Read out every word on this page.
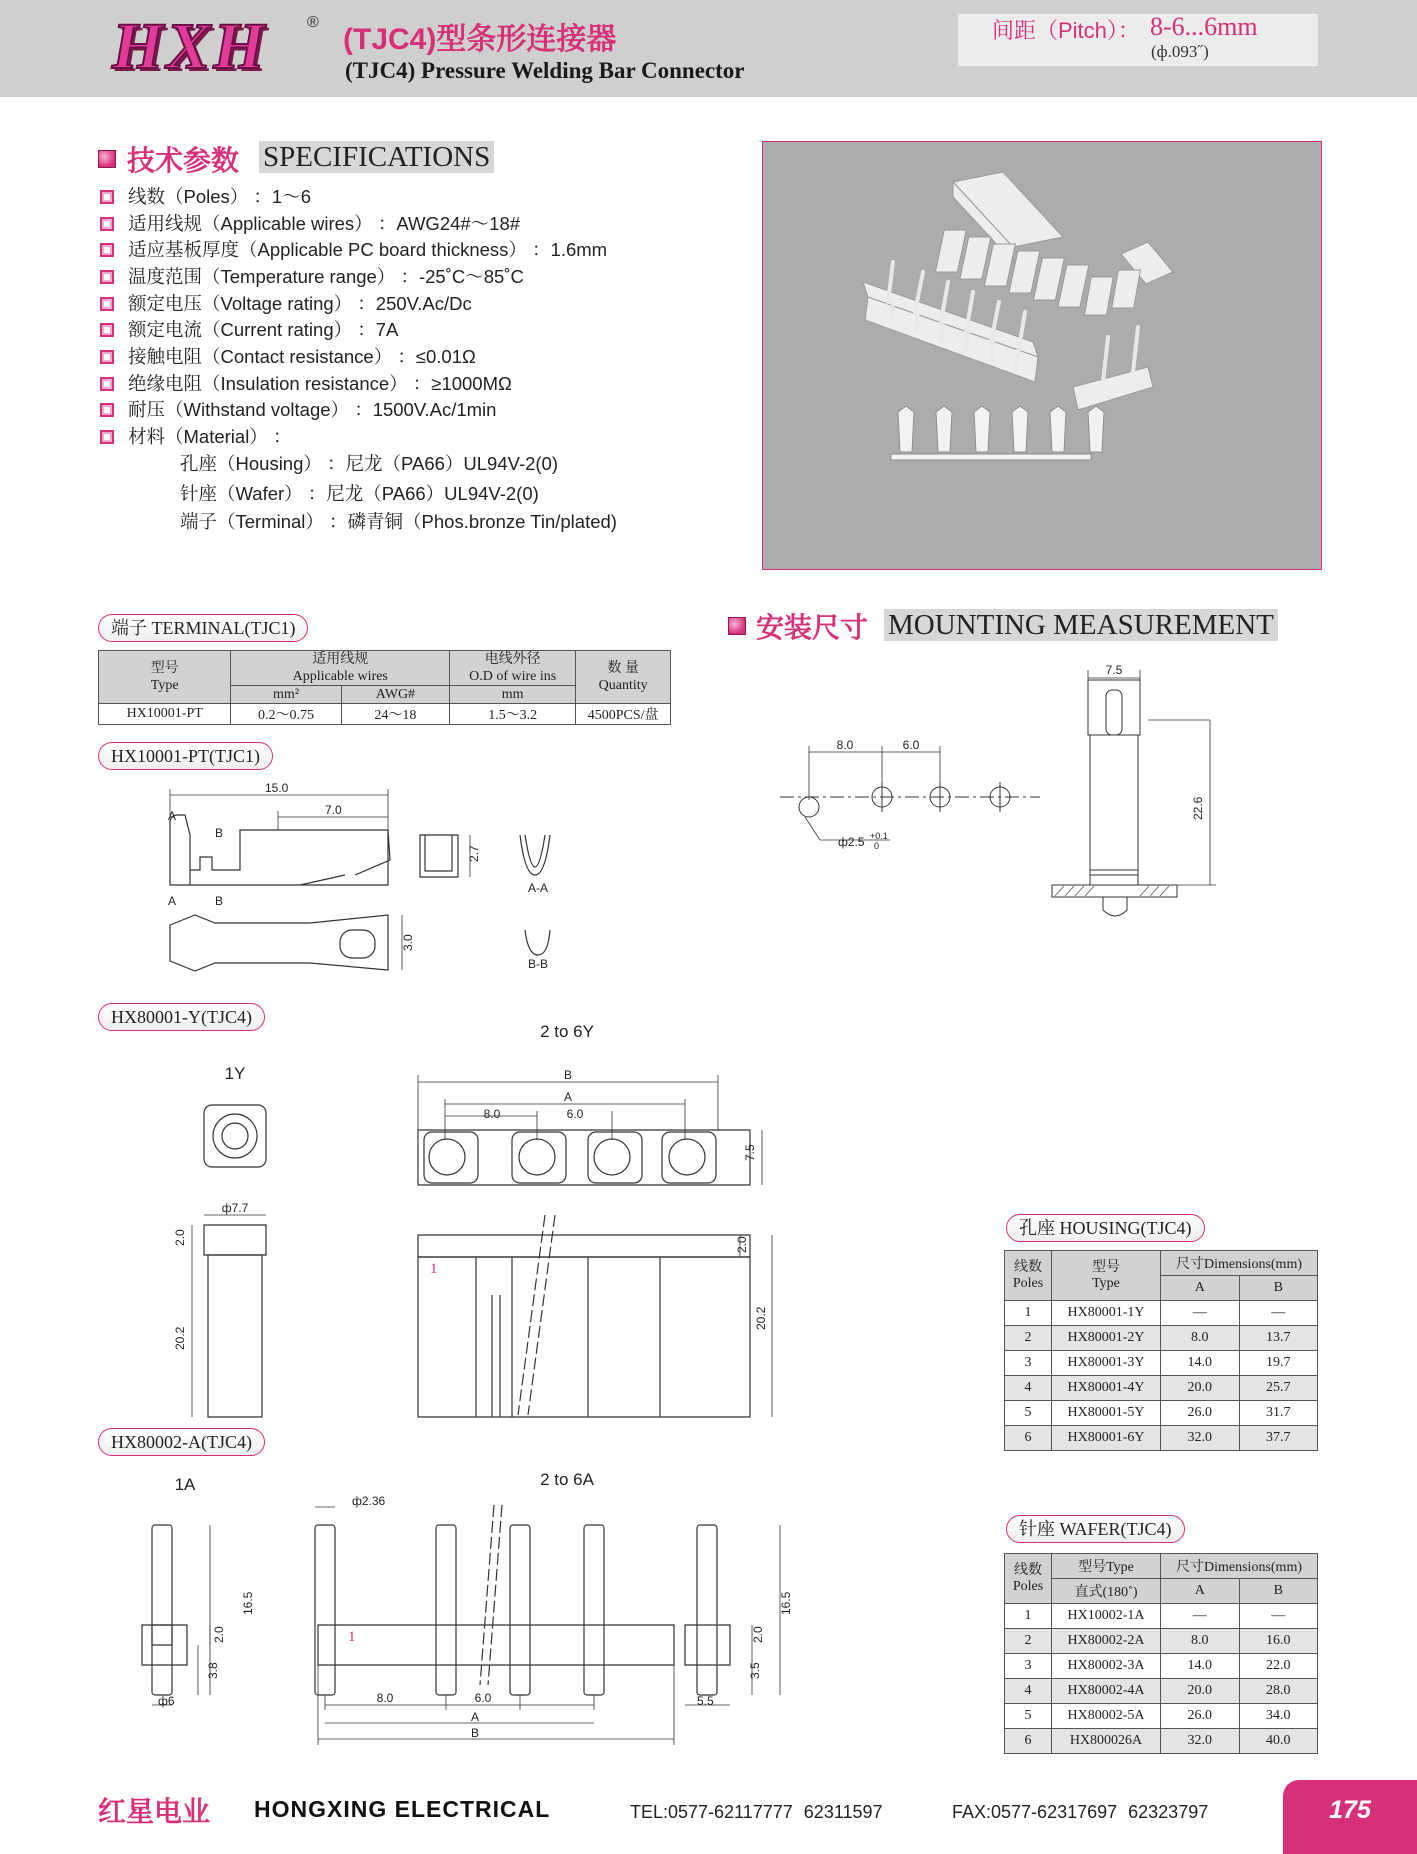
HXH ®
(TJC4)型条形连接器
(TJC4) Pressure Welding Bar Connector
间距（Pitch）： 8-6...6mm
(ф.093˝)
技术参数 SPECIFICATIONS
线数（Poles） ：1～6
适用线规（Applicable wires） ：AWG24#～18#
适应基板厚度（Applicable PC board thickness） ：1.6mm
温度范围（Temperature range） ：-25˚C～85˚C
额定电压（Voltage rating） ：250V.Ac/Dc
额定电流（Current rating） ：7A
接触电阻（Contact resistance） ：≤0.01Ω
绝缘电阻（Insulation resistance） ：≥1000MΩ
耐压（Withstand voltage） ：1500V.Ac/1min
材料（Material） ：
孔座（Housing） ：尼龙（PA66）UL94V-2(0)
针座（Wafer） ：尼龙（PA66）UL94V-2(0)
端子（Terminal） ：磷青铜（Phos.bronze Tin/plated)
端子 TERMINAL(TJC1)
型号
Type	适用线规
Applicable wires		电线外径
O.D of wire ins	数 量
Quantity
	mm²	AWG#	mm	
HX10001-PT	0.2～0.75	24～18	1.5～3.2	4500PCS/盘
HX10001-PT(TJC1)
15.0
7.0
2.7
3.0
A
B
A	B
A-A
B-B
HX80001-Y(TJC4)
1Y
2 to 6Y
B
A
8.0	6.0
7.5
ф7.7
2.0
20.2
2.0
20.2
1
HX80002-A(TJC4)
1A	2 to 6A
ф2.36
16.5
2.0
3.8
ф6	8.0	6.0
A
B
16.5
2.0
3.5
5.5
1
安装尺寸 MOUNTING MEASUREMENT
8.0	6.0
ф2.5 +0.1
0
7.5
22.6
孔座 HOUSING(TJC4)
线数
Poles	型号
Type	尺寸Dimensions(mm)	
		A	B
1	HX80001-1Y	—	—
2	HX80001-2Y	8.0	13.7
3	HX80001-3Y	14.0	19.7
4	HX80001-4Y	20.0	25.7
5	HX80001-5Y	26.0	31.7
6	HX80001-6Y	32.0	37.7
针座 WAFER(TJC4)
线数
Poles	型号Type	尺寸Dimensions(mm)	
	直式(180˚)	A	B
1	HX10002-1A	—	—
2	HX80002-2A	8.0	16.0
3	HX80002-3A	14.0	22.0
4	HX80002-4A	20.0	28.0
5	HX80002-5A	26.0	34.0
6	HX800026A	32.0	40.0
红星电业 HONGXING ELECTRICAL	TEL:0577-62117777 62311597	FAX:0577-62317697 62323797	175
